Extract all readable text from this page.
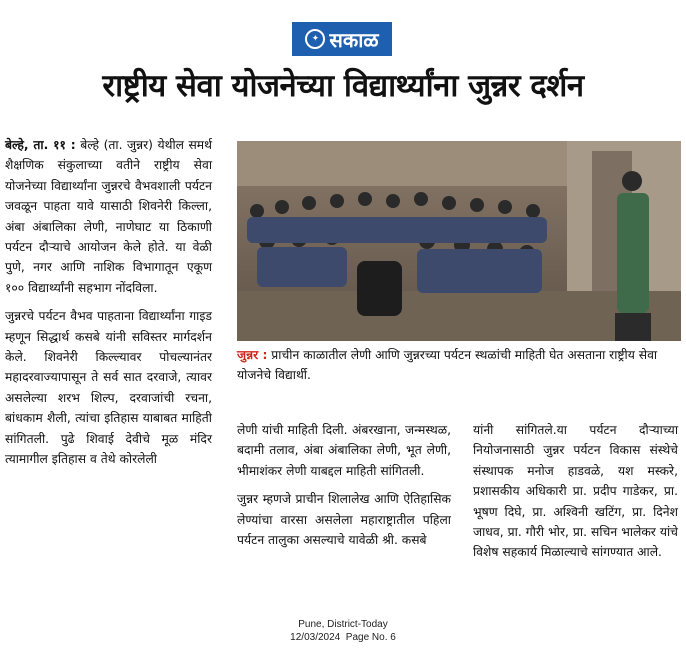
✦ सकाळ
राष्ट्रीय सेवा योजनेच्या विद्यार्थ्यांना जुन्नर दर्शन

बेल्हे, ता. ११ : बेल्हे (ता. जुन्नर) येथील समर्थ शैक्षणिक संकुलाच्या वतीने राष्ट्रीय सेवा योजनेच्या विद्यार्थ्यांना जुन्नरचे वैभवशाली पर्यटन जवळून पाहता यावे यासाठी शिवनेरी किल्ला, अंबा अंबालिका लेणी, नाणेघाट या ठिकाणी पर्यटन दौऱ्याचे आयोजन केले होते. या वेळी पुणे, नगर आणि नाशिक विभागातून एकूण १०० विद्यार्थ्यांनी सहभाग नोंदविला.

जुन्नरचे पर्यटन वैभव पाहताना विद्यार्थ्यांना गाइड म्हणून सिद्धार्थ कसबे यांनी सविस्तर मार्गदर्शन केले. शिवनेरी किल्ल्यावर पोचल्यानंतर महादरवाज्यापासून ते सर्व सात दरवाजे, त्यावर असलेल्या शरभ शिल्प, दरवाजांची रचना, बांधकाम शैली, त्यांचा इतिहास याबाबत माहिती सांगितली. पुढे शिवाई देवीचे मूळ मंदिर त्यामागील इतिहास व तेथे कोरलेली

जुन्नर : प्राचीन काळातील लेणी आणि जुन्नरच्या पर्यटन स्थळांची माहिती घेत असताना राष्ट्रीय सेवा योजनेचे विद्यार्थी.

लेणी यांची माहिती दिली. अंबरखाना, जन्मस्थळ, बदामी तलाव, अंबा अंबालिका लेणी, भूत लेणी, भीमाशंकर लेणी याबद्दल माहिती सांगितली.

जुन्नर म्हणजे प्राचीन शिलालेख आणि ऐतिहासिक लेण्यांचा वारसा असलेला महाराष्ट्रातील पहिला पर्यटन तालुका असल्याचे यावेळी श्री. कसबे

यांनी सांगितले.या पर्यटन दौऱ्याच्या नियोजनासाठी जुन्नर पर्यटन विकास संस्थेचे संस्थापक मनोज हाडवळे, यश मस्करे, प्रशासकीय अधिकारी प्रा. प्रदीप गाडेकर, प्रा. भूषण दिघे, प्रा. अश्विनी खटिंग, प्रा. दिनेश जाधव, प्रा. गौरी भोर, प्रा. सचिन भालेकर यांचे विशेष सहकार्य मिळाल्याचे सांगण्यात आले.

Pune, District-Today
12/03/2024  Page No. 6
